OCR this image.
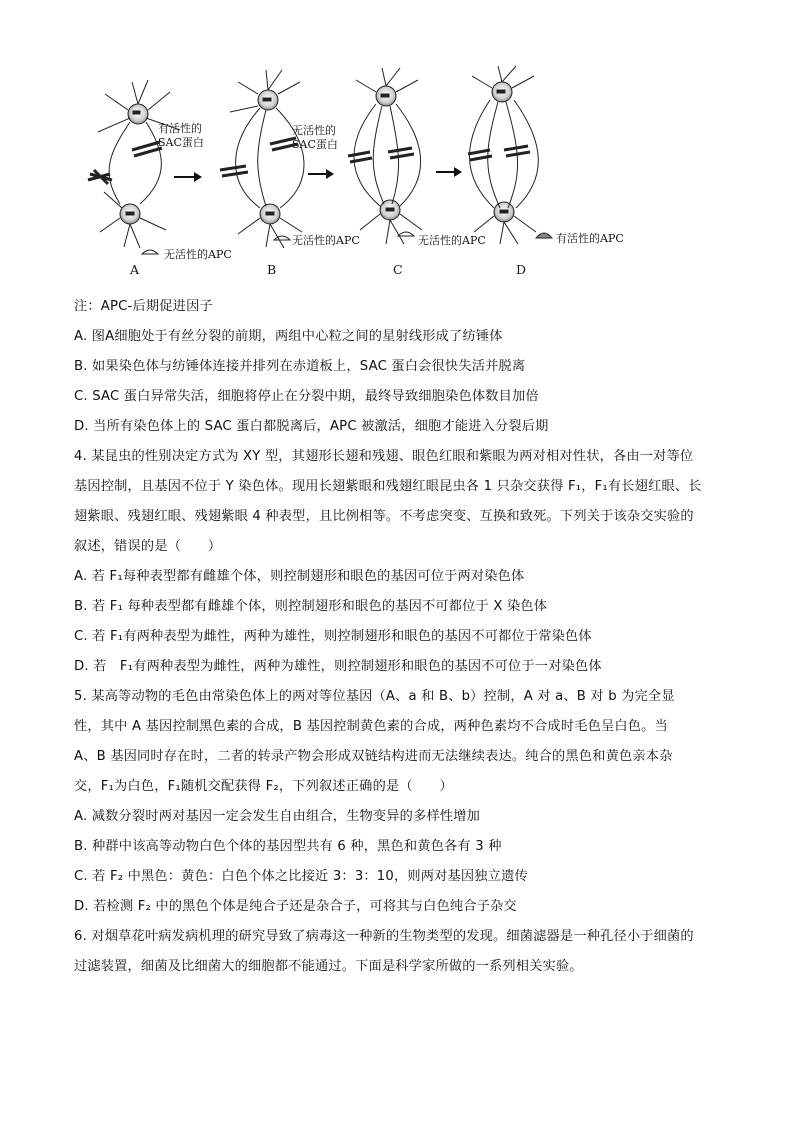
有活性的
SAC蛋白
无活性的APC
无活性的
SAC蛋白
无活性的APC	无活性的APC	有活性的APC
A	B	C	D
注：APC-后期促进因子
A. 图A细胞处于有丝分裂的前期，两组中心粒之间的星射线形成了纺锤体
B. 如果染色体与纺锤体连接并排列在赤道板上，SAC 蛋白会很快失活并脱离
C. SAC 蛋白异常失活，细胞将停止在分裂中期，最终导致细胞染色体数目加倍
D. 当所有染色体上的 SAC 蛋白都脱离后，APC 被激活，细胞才能进入分裂后期
4. 某昆虫的性别决定方式为 XY 型，其翅形长翅和残翅、眼色红眼和紫眼为两对相对性状，各由一对等位
基因控制，且基因不位于 Y 染色体。现用长翅紫眼和残翅红眼昆虫各 1 只杂交获得 F₁，F₁有长翅红眼、长
翅紫眼、残翅红眼、残翅紫眼 4 种表型，且比例相等。不考虑突变、互换和致死。下列关于该杂交实验的
叙述，错误的是（　　）
A. 若 F₁每种表型都有雌雄个体，则控制翅形和眼色的基因可位于两对染色体
B. 若 F₁ 每种表型都有雌雄个体，则控制翅形和眼色的基因不可都位于 X 染色体
C. 若 F₁有两种表型为雌性，两种为雄性，则控制翅形和眼色的基因不可都位于常染色体
D. 若　F₁有两种表型为雌性，两种为雄性，则控制翅形和眼色的基因不可位于一对染色体
5. 某高等动物的毛色由常染色体上的两对等位基因（A、a 和 B、b）控制，A 对 a、B 对 b 为完全显
性，其中 A 基因控制黑色素的合成，B 基因控制黄色素的合成，两种色素均不合成时毛色呈白色。当
A、B 基因同时存在时，二者的转录产物会形成双链结构进而无法继续表达。纯合的黑色和黄色亲本杂
交，F₁为白色，F₁随机交配获得 F₂，下列叙述正确的是（　　）
A. 减数分裂时两对基因一定会发生自由组合，生物变异的多样性增加
B. 种群中该高等动物白色个体的基因型共有 6 种，黑色和黄色各有 3 种
C. 若 F₂ 中黑色：黄色：白色个体之比接近 3：3：10，则两对基因独立遗传
D. 若检测 F₂ 中的黑色个体是纯合子还是杂合子，可将其与白色纯合子杂交
6. 对烟草花叶病发病机理的研究导致了病毒这一种新的生物类型的发现。细菌滤器是一种孔径小于细菌的
过滤装置，细菌及比细菌大的细胞都不能通过。下面是科学家所做的一系列相关实验。
